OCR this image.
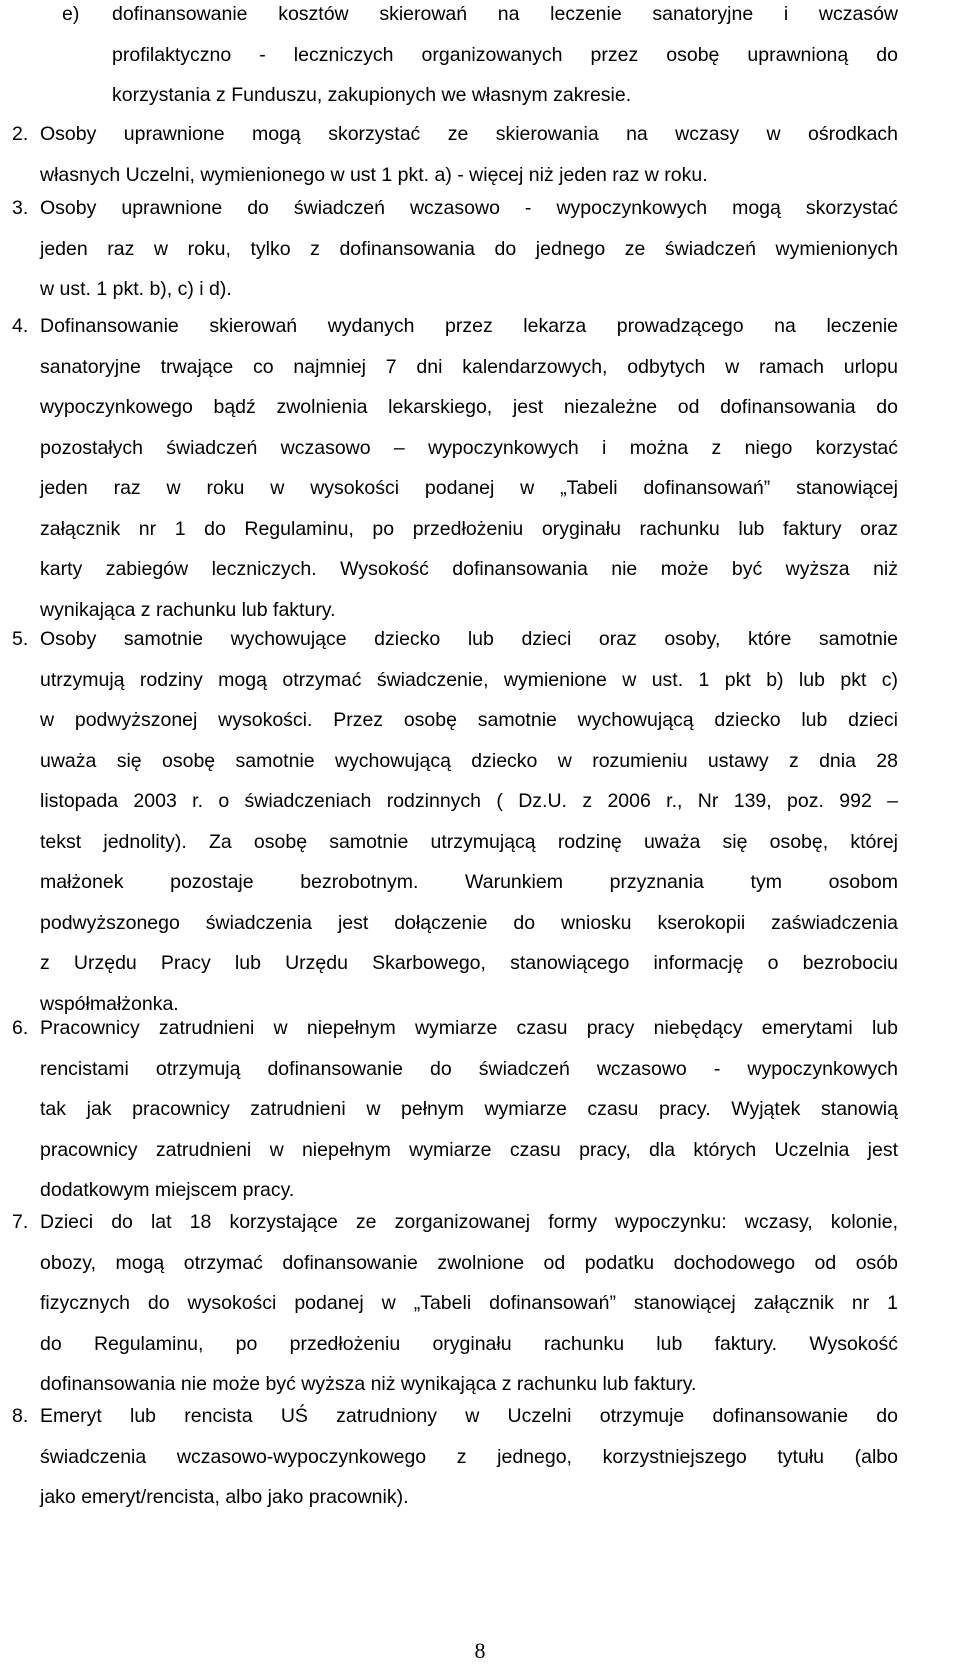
e) dofinansowanie kosztów skierowań na leczenie sanatoryjne i wczasów
profilaktyczno - leczniczych organizowanych przez osobę uprawnioną do
korzystania z Funduszu, zakupionych we własnym zakresie.
2. Osoby uprawnione mogą skorzystać ze skierowania na wczasy w ośrodkach
własnych Uczelni, wymienionego w ust 1 pkt. a) - więcej niż jeden raz w roku.
3. Osoby uprawnione do świadczeń wczasowo - wypoczynkowych mogą skorzystać
jeden raz w roku, tylko z dofinansowania do jednego ze świadczeń wymienionych
w ust. 1 pkt. b), c) i d).
4. Dofinansowanie skierowań wydanych przez lekarza prowadzącego na leczenie
sanatoryjne trwające co najmniej 7 dni kalendarzowych, odbytych w ramach urlopu
wypoczynkowego bądź zwolnienia lekarskiego, jest niezależne od dofinansowania do
pozostałych świadczeń wczasowo – wypoczynkowych i można z niego korzystać
jeden raz w roku w wysokości podanej w „Tabeli dofinansowań” stanowiącej
załącznik nr 1 do Regulaminu, po przedłożeniu oryginału rachunku lub faktury oraz
karty zabiegów leczniczych. Wysokość dofinansowania nie może być wyższa niż
wynikająca z rachunku lub faktury.
5. Osoby samotnie wychowujące dziecko lub dzieci oraz osoby, które samotnie
utrzymują rodziny mogą otrzymać świadczenie, wymienione w ust. 1 pkt b) lub pkt c)
w podwyższonej wysokości. Przez osobę samotnie wychowującą dziecko lub dzieci
uważa się osobę samotnie wychowującą dziecko w rozumieniu ustawy z dnia 28
listopada 2003 r. o świadczeniach rodzinnych ( Dz.U. z 2006 r., Nr 139, poz. 992 –
tekst jednolity). Za osobę samotnie utrzymującą rodzinę uważa się osobę, której
małżonek pozostaje bezrobotnym. Warunkiem przyznania tym osobom
podwyższonego świadczenia jest dołączenie do wniosku kserokopii zaświadczenia
z Urzędu Pracy lub Urzędu Skarbowego, stanowiącego informację o bezrobociu
współmałżonka.
6. Pracownicy zatrudnieni w niepełnym wymiarze czasu pracy niebędący emerytami lub
rencistami otrzymują dofinansowanie do świadczeń wczasowo - wypoczynkowych
tak jak pracownicy zatrudnieni w pełnym wymiarze czasu pracy. Wyjątek stanowią
pracownicy zatrudnieni w niepełnym wymiarze czasu pracy, dla których Uczelnia jest
dodatkowym miejscem pracy.
7. Dzieci do lat 18 korzystające ze zorganizowanej formy wypoczynku: wczasy, kolonie,
obozy, mogą otrzymać dofinansowanie zwolnione od podatku dochodowego od osób
fizycznych do wysokości podanej w „Tabeli dofinansowań” stanowiącej załącznik nr 1
do Regulaminu, po przedłożeniu oryginału rachunku lub faktury. Wysokość
dofinansowania nie może być wyższa niż wynikająca z rachunku lub faktury.
8. Emeryt lub rencista UŚ zatrudniony w Uczelni otrzymuje dofinansowanie do
świadczenia wczasowo-wypoczynkowego z jednego, korzystniejszego tytułu (albo
jako emeryt/rencista, albo jako pracownik).
8
